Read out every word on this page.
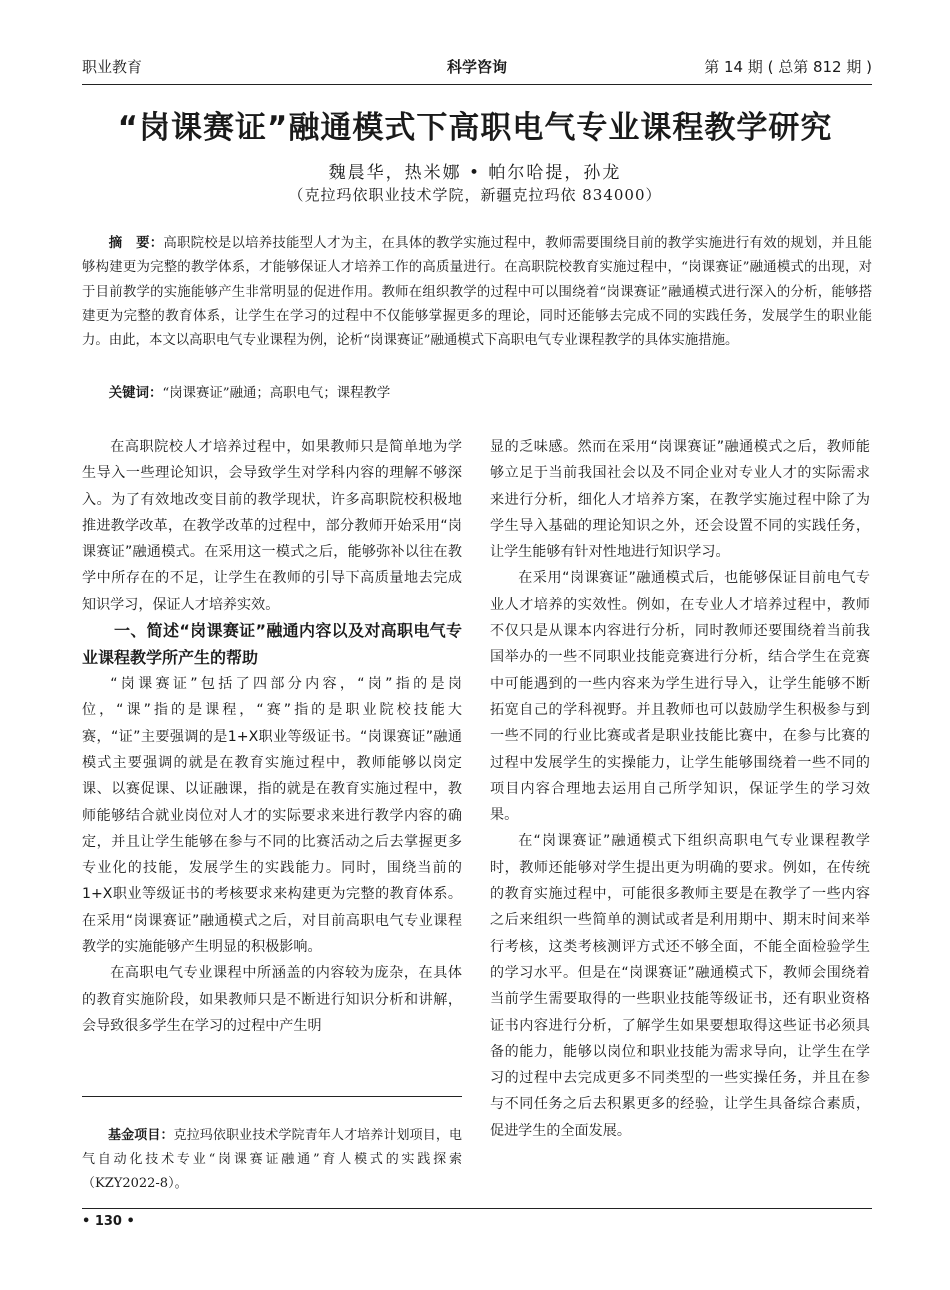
职业教育	科学咨询	第 14 期 ( 总第 812 期 )
“岗课赛证”融通模式下高职电气专业课程教学研究
魏晨华，热米娜 • 帕尔哈提，孙龙
（克拉玛依职业技术学院，新疆克拉玛依 834000）
摘　要：高职院校是以培养技能型人才为主，在具体的教学实施过程中，教师需要围绕目前的教学实施进行有效的规划，并且能够构建更为完整的教学体系，才能够保证人才培养工作的高质量进行。在高职院校教育实施过程中，“岗课赛证”融通模式的出现，对于目前教学的实施能够产生非常明显的促进作用。教师在组织教学的过程中可以围绕着“岗课赛证”融通模式进行深入的分析，能够搭建更为完整的教育体系，让学生在学习的过程中不仅能够掌握更多的理论，同时还能够去完成不同的实践任务，发展学生的职业能力。由此，本文以高职电气专业课程为例，论析“岗课赛证”融通模式下高职电气专业课程教学的具体实施措施。
关键词：“岗课赛证”融通；高职电气；课程教学

在高职院校人才培养过程中，如果教师只是简单地为学生导入一些理论知识，会导致学生对学科内容的理解不够深入。为了有效地改变目前的教学现状，许多高职院校积极地推进教学改革，在教学改革的过程中，部分教师开始采用“岗课赛证”融通模式。在采用这一模式之后，能够弥补以往在教学中所存在的不足，让学生在教师的引导下高质量地去完成知识学习，保证人才培养实效。

一、简述“岗课赛证”融通内容以及对高职电气专业课程教学所产生的帮助

“岗课赛证”包括了四部分内容，“岗”指的是岗位，“课”指的是课程，“赛”指的是职业院校技能大赛，“证”主要强调的是1+X职业等级证书。“岗课赛证”融通模式主要强调的就是在教育实施过程中，教师能够以岗定课、以赛促课、以证融课，指的就是在教育实施过程中，教师能够结合就业岗位对人才的实际要求来进行教学内容的确定，并且让学生能够在参与不同的比赛活动之后去掌握更多专业化的技能，发展学生的实践能力。同时，围绕当前的1+X职业等级证书的考核要求来构建更为完整的教育体系。在采用“岗课赛证”融通模式之后，对目前高职电气专业课程教学的实施能够产生明显的积极影响。

在高职电气专业课程中所涵盖的内容较为庞杂，在具体的教育实施阶段，如果教师只是不断进行知识分析和讲解，会导致很多学生在学习的过程中产生明

显的乏味感。然而在采用“岗课赛证”融通模式之后，教师能够立足于当前我国社会以及不同企业对专业人才的实际需求来进行分析，细化人才培养方案，在教学实施过程中除了为学生导入基础的理论知识之外，还会设置不同的实践任务，让学生能够有针对性地进行知识学习。

在采用“岗课赛证”融通模式后，也能够保证目前电气专业人才培养的实效性。例如，在专业人才培养过程中，教师不仅只是从课本内容进行分析，同时教师还要围绕着当前我国举办的一些不同职业技能竞赛进行分析，结合学生在竞赛中可能遇到的一些内容来为学生进行导入，让学生能够不断拓宽自己的学科视野。并且教师也可以鼓励学生积极参与到一些不同的行业比赛或者是职业技能比赛中，在参与比赛的过程中发展学生的实操能力，让学生能够围绕着一些不同的项目内容合理地去运用自己所学知识，保证学生的学习效果。

在“岗课赛证”融通模式下组织高职电气专业课程教学时，教师还能够对学生提出更为明确的要求。例如，在传统的教育实施过程中，可能很多教师主要是在教学了一些内容之后来组织一些简单的测试或者是利用期中、期末时间来举行考核，这类考核测评方式还不够全面，不能全面检验学生的学习水平。但是在“岗课赛证”融通模式下，教师会围绕着当前学生需要取得的一些职业技能等级证书，还有职业资格证书内容进行分析，了解学生如果要想取得这些证书必须具备的能力，能够以岗位和职业技能为需求导向，让学生在学习的过程中去完成更多不同类型的一些实操任务，并且在参与不同任务之后去积累更多的经验，让学生具备综合素质，促进学生的全面发展。

基金项目：克拉玛依职业技术学院青年人才培养计划项目，电气自动化技术专业“岗课赛证融通”育人模式的实践探索（KZY2022-8）。
• 130 •
